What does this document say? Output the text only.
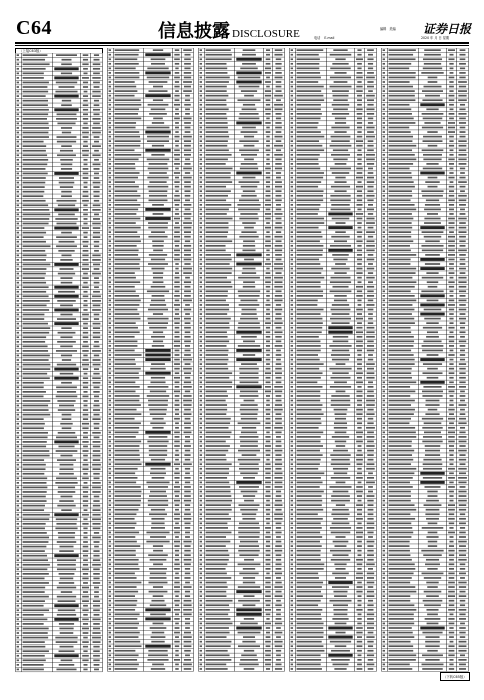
C64	信息披露 DISCLOSURE	编辑 美编
电话 E-mail
证券日报
2020 年 月 日 星期
（上接C63版）
（下转C65版）
